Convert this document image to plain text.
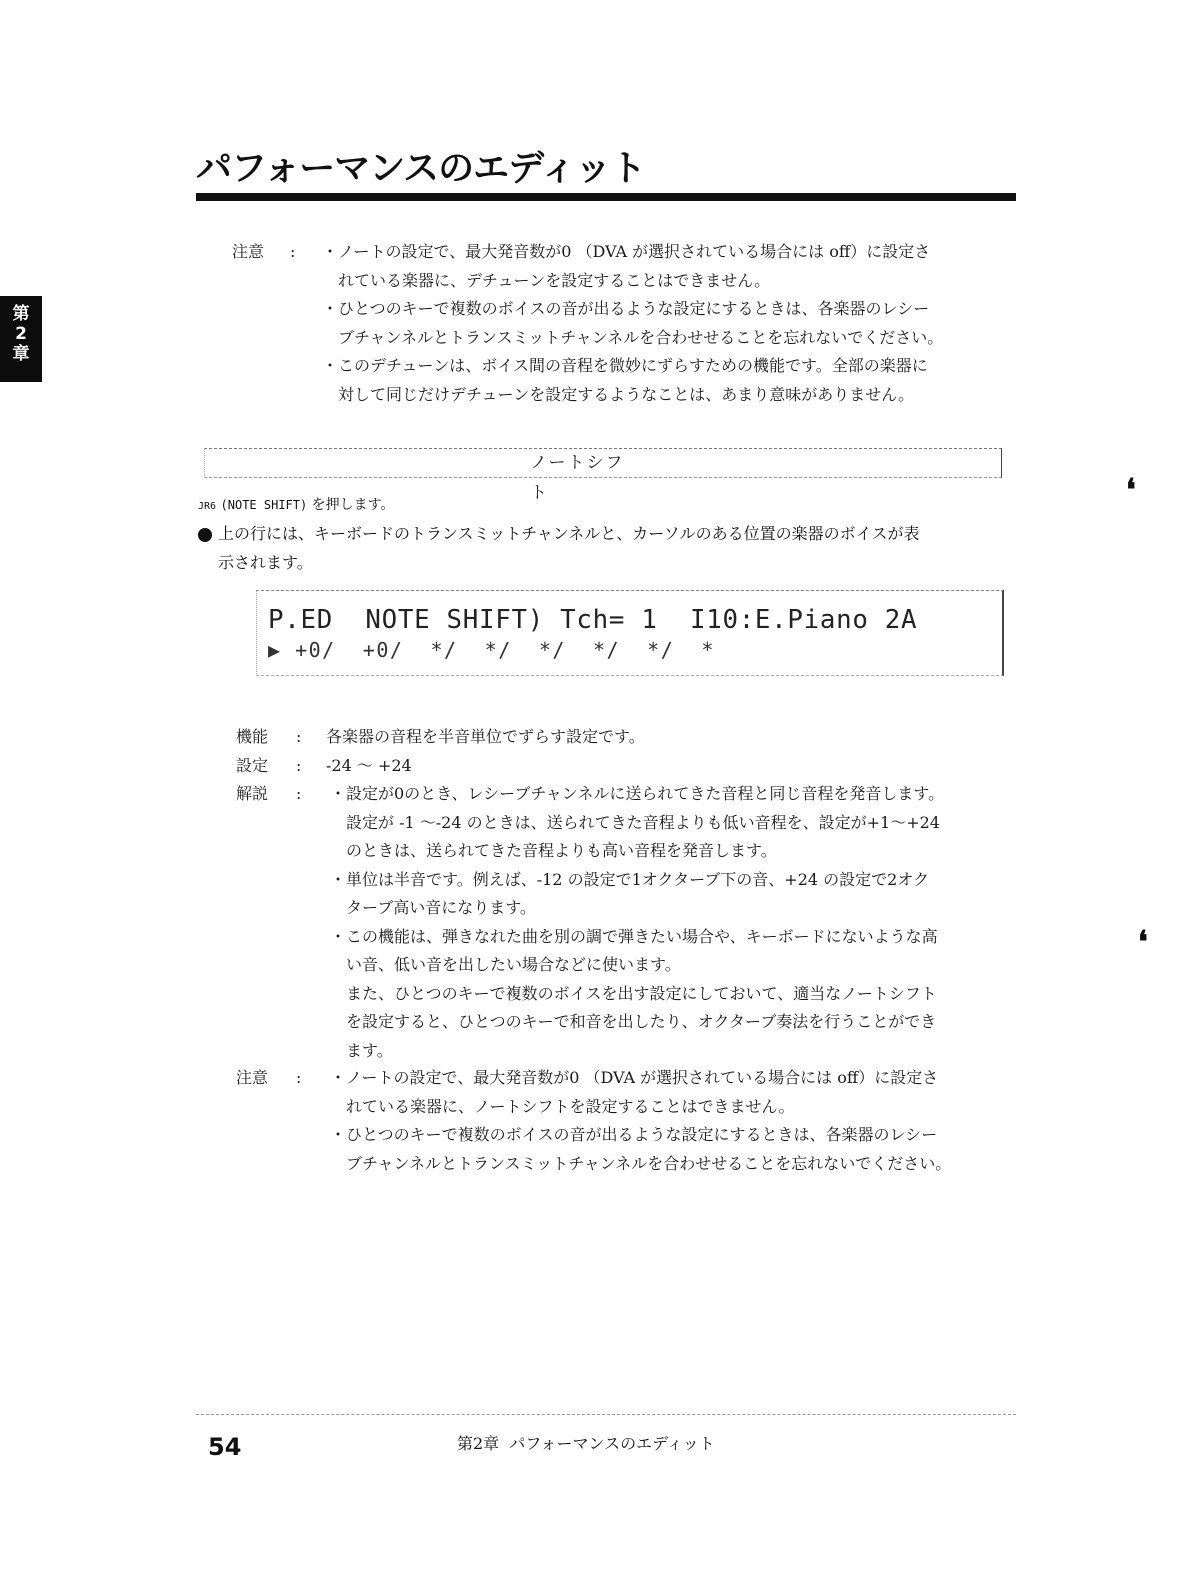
第
2
章
パフォーマンスのエディット
注意 : ・ノートの設定で、最大発音数が0 （DVA が選択されている場合には off）に設定さ
れている楽器に、デチューンを設定することはできません。
・ひとつのキーで複数のボイスの音が出るような設定にするときは、各楽器のレシー
ブチャンネルとトランスミットチャンネルを合わせせることを忘れないでください。
・このデチューンは、ボイス間の音程を微妙にずらすための機能です。全部の楽器に
対して同じだけデチューンを設定するようなことは、あまり意味がありません。
ノートシフト
JR6 (NOTE SHIFT) を押します。
上の行には、キーボードのトランスミットチャンネルと、カーソルのある位置の楽器のボイスが表
示されます。
P.ED  NOTE SHIFT) Tch= 1  I10:E.Piano 2A
▶ +0/  +0/  */  */  */  */  */  *
機能 : 各楽器の音程を半音単位でずらす設定です。
設定 : -24 ～ +24
解説 : ・設定が0のとき、レシーブチャンネルに送られてきた音程と同じ音程を発音します。
設定が -1 ～-24 のときは、送られてきた音程よりも低い音程を、設定が+1～+24
のときは、送られてきた音程よりも高い音程を発音します。
・単位は半音です。例えば、-12 の設定で1オクターブ下の音、+24 の設定で2オク
ターブ高い音になります。
・この機能は、弾きなれた曲を別の調で弾きたい場合や、キーボードにないような高
い音、低い音を出したい場合などに使います。
また、ひとつのキーで複数のボイスを出す設定にしておいて、適当なノートシフト
を設定すると、ひとつのキーで和音を出したり、オクターブ奏法を行うことができ
ます。
注意 : ・ノートの設定で、最大発音数が0 （DVA が選択されている場合には off）に設定さ
れている楽器に、ノートシフトを設定することはできません。
・ひとつのキーで複数のボイスの音が出るような設定にするときは、各楽器のレシー
ブチャンネルとトランスミットチャンネルを合わせせることを忘れないでください。
❛
❛
54	第2章  パフォーマンスのエディット
